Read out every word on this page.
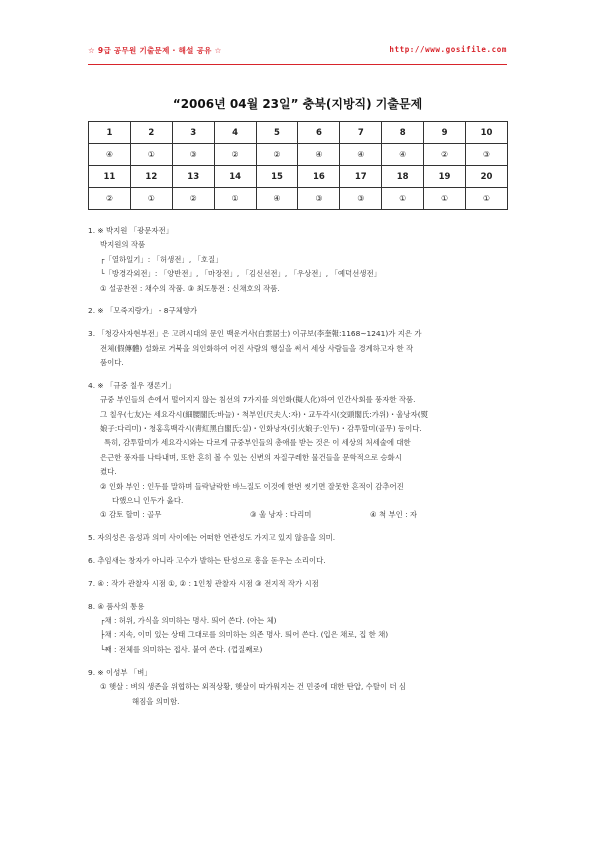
☆ 9급 공무원 기출문제 · 해설 공유 ☆	http://www.gosifile.com
“2006년 04월 23일” 충북(지방직) 기출문제
1	2	3	4	5	6	7	8	9	10
④	①	③	②	②	④	④	④	②	③
11	12	13	14	15	16	17	18	19	20
②	①	②	①	④	③	③	①	①	①
1. ※ 박지원 「광문자전」
박지원의 작품
┌「열하일기」: 「허생전」, 「호질」
└「방경각외전」: 「양반전」, 「마장전」, 「김신선전」, 「우상전」, 「예덕선생전」
① 설공찬전 : 채수의 작품. ③ 최도통전 : 신채호의 작품.
2. ※ 「모죽지랑가」 - 8구체향가
3. 「청강사자현부전」은 고려시대의 문인 백운거사(白雲居士) 이규보(李奎報:1168~1241)가 지은 가
전체(假傳體) 설화로 거북을 의인화하여 어진 사람의 행실을 써서 세상 사람들을 경계하고자 한 작
품이다.
4. ※ 「규중 칠우 쟁론기」
규중 부인들의 손에서 떨어지지 않는 침선의 7가지를 의인화(擬人化)하여 인간사회를 풍자한 작품.
그 칠우(七友)는 세요각시(細腰閣氏:바늘)・척부인(尺夫人:자)・교두각시(交頭閣氏:가위)・울낭자(熨
娘子:다리미)・청홍흑백각시(靑紅黑白閣氏:실)・인화낭자(引火娘子:인두)・감투할미(골무) 등이다.
특히, 감투할미가 세요각시와는 다르게 규중부인들의 총애를 받는 것은 이 세상의 처세술에 대한
은근한 풍자를 나타내며, 또한 흔히 볼 수 있는 신변의 자질구레한 물건들을 문학적으로 승화시
켰다.
② 인화 부인 : 인두를 말하며 들락날락한 바느질도 이것에 한번 씻기면 잘못한 흔적이 감추어진
다했으니 인두가 옳다.
① 감토 할미 : 골무	③ 울 낭자 : 다리미	④ 척 부인 : 자
5. 자의성은 음성과 의미 사이에는 어떠한 연관성도 가지고 있지 않음을 의미.
6. 추임새는 창자가 아니라 고수가 발하는 탄성으로 흥을 돋우는 소리이다.
7. ④ : 작가 관찰자 시점 ①, ② : 1인칭 관찰자 시점 ③ 전지적 작가 시점
8. ④ 품사의 통용
┌채 : 허위, 가식을 의미하는 명사. 띄어 쓴다. (아는 체)
├채 : 지속, 이미 있는 상태 그대로를 의미하는 의존 명사. 띄어 쓴다. (입은 채로, 집 한 채)
└째 : 전체를 의미하는 접사. 붙여 쓴다. (껍질째로)
9. ※ 이성부 「벼」
① 햇살 : 벼의 생존을 위협하는 외적상황, 햇살이 따가워지는 건 민중에 대한 탄압, 수탈이 더 심
해짐을 의미함.
